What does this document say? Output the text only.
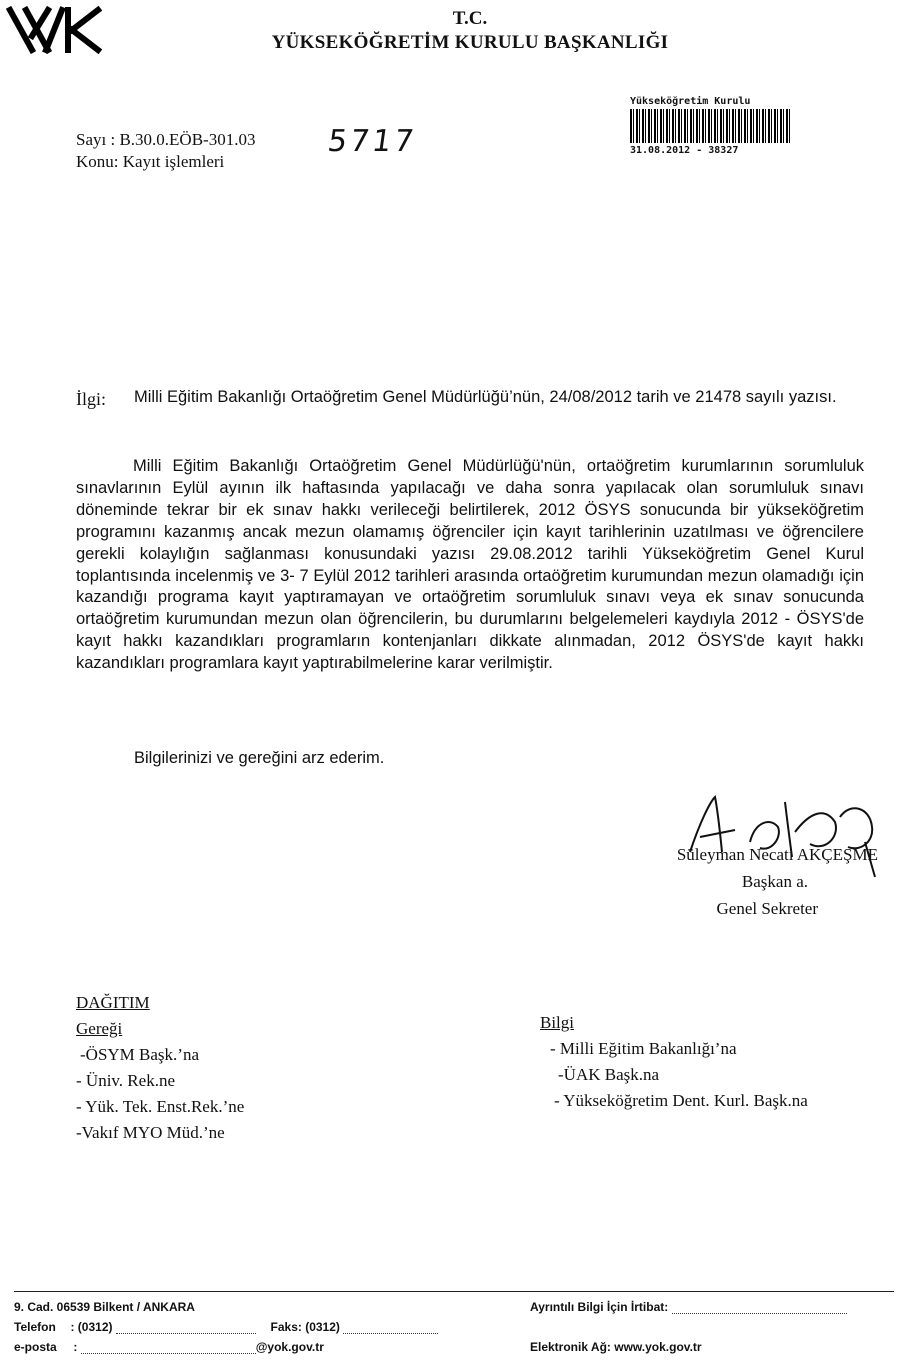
T.C.
YÜKSEKÖĞRETİM KURULU BAŞKANLIĞI
Sayı : B.30.0.EÖB-301.03
Konu: Kayıt işlemleri
5717
Yükseköğretim Kurulu
31.08.2012 - 38327
İlgi: Milli Eğitim Bakanlığı Ortaöğretim Genel Müdürlüğü’nün, 24/08/2012 tarih ve 21478 sayılı yazısı.
Milli Eğitim Bakanlığı Ortaöğretim Genel Müdürlüğü'nün, ortaöğretim kurumlarının sorumluluk sınavlarının Eylül ayının ilk haftasında yapılacağı ve daha sonra yapılacak olan sorumluluk sınavı döneminde tekrar bir ek sınav hakkı verileceği belirtilerek, 2012 ÖSYS sonucunda bir yükseköğretim programını kazanmış ancak mezun olamamış öğrenciler için kayıt tarihlerinin uzatılması ve öğrencilere gerekli kolaylığın sağlanması konusundaki yazısı 29.08.2012 tarihli Yükseköğretim Genel Kurul toplantısında incelenmiş ve 3- 7 Eylül 2012 tarihleri arasında ortaöğretim kurumundan mezun olamadığı için kazandığı programa kayıt yaptıramayan ve ortaöğretim sorumluluk sınavı veya ek sınav sonucunda ortaöğretim kurumundan mezun olan öğrencilerin, bu durumlarını belgelemeleri kaydıyla 2012 - ÖSYS'de kayıt hakkı kazandıkları programların kontenjanları dikkate alınmadan, 2012 ÖSYS'de kayıt hakkı kazandıkları programlara kayıt yaptırabilmelerine karar verilmiştir.
Bilgilerinizi ve gereğini arz ederim.
Süleyman Necati AKÇEŞME
Başkan a.
Genel Sekreter
DAĞITIM
Gereği
-ÖSYM Başk.’na
- Üniv. Rek.ne
- Yük. Tek. Enst.Rek.’ne
-Vakıf MYO Müd.’ne
Bilgi
- Milli Eğitim Bakanlığı’na
-ÜAK Başk.na
- Yükseköğretim Dent. Kurl. Başk.na
9. Cad. 06539 Bilkent / ANKARA
Telefon : (0312)	Faks: (0312)
e-posta :	@yok.gov.tr
Ayrıntılı Bilgi İçin İrtibat:
Elektronik Ağ: www.yok.gov.tr
